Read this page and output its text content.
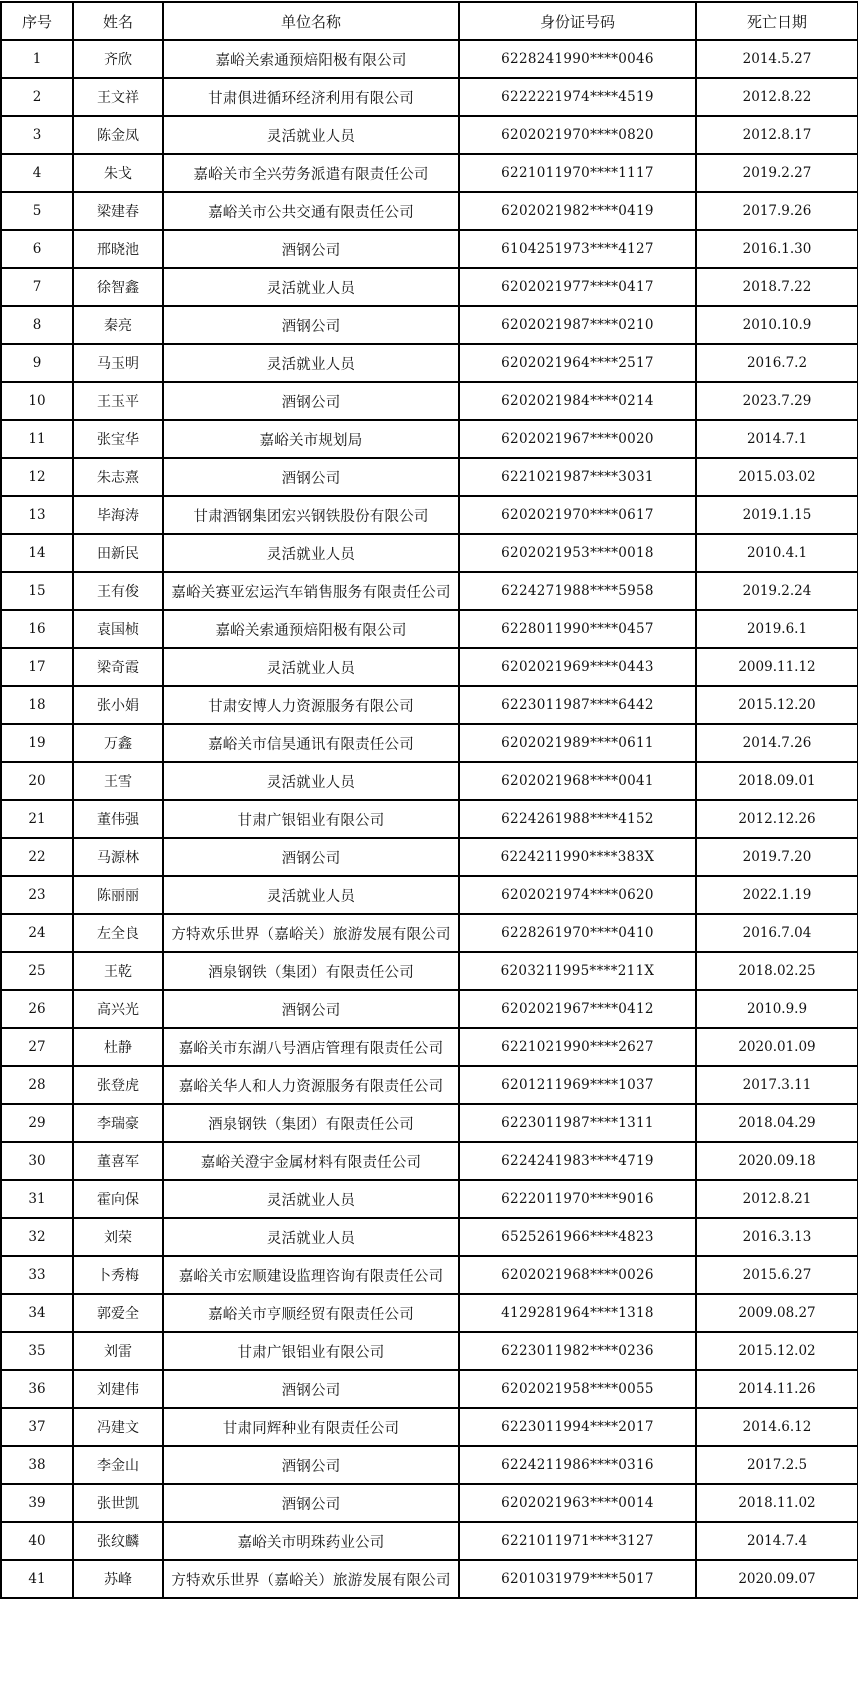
序号	姓名	单位名称	身份证号码	死亡日期
1	齐欣	嘉峪关索通预焙阳极有限公司	6228241990****0046	2014.5.27
2	王文祥	甘肃俱进循环经济利用有限公司	6222221974****4519	2012.8.22
3	陈金凤	灵活就业人员	6202021970****0820	2012.8.17
4	朱戈	嘉峪关市全兴劳务派遣有限责任公司	6221011970****1117	2019.2.27
5	梁建春	嘉峪关市公共交通有限责任公司	6202021982****0419	2017.9.26
6	邢晓池	酒钢公司	6104251973****4127	2016.1.30
7	徐智鑫	灵活就业人员	6202021977****0417	2018.7.22
8	秦亮	酒钢公司	6202021987****0210	2010.10.9
9	马玉明	灵活就业人员	6202021964****2517	2016.7.2
10	王玉平	酒钢公司	6202021984****0214	2023.7.29
11	张宝华	嘉峪关市规划局	6202021967****0020	2014.7.1
12	朱志熹	酒钢公司	6221021987****3031	2015.03.02
13	毕海涛	甘肃酒钢集团宏兴钢铁股份有限公司	6202021970****0617	2019.1.15
14	田新民	灵活就业人员	6202021953****0018	2010.4.1
15	王有俊	嘉峪关赛亚宏运汽车销售服务有限责任公司	6224271988****5958	2019.2.24
16	袁国桢	嘉峪关索通预焙阳极有限公司	6228011990****0457	2019.6.1
17	梁奇霞	灵活就业人员	6202021969****0443	2009.11.12
18	张小娟	甘肃安博人力资源服务有限公司	6223011987****6442	2015.12.20
19	万鑫	嘉峪关市信昊通讯有限责任公司	6202021989****0611	2014.7.26
20	王雪	灵活就业人员	6202021968****0041	2018.09.01
21	董伟强	甘肃广银铝业有限公司	6224261988****4152	2012.12.26
22	马源林	酒钢公司	6224211990****383X	2019.7.20
23	陈丽丽	灵活就业人员	6202021974****0620	2022.1.19
24	左全良	方特欢乐世界（嘉峪关）旅游发展有限公司	6228261970****0410	2016.7.04
25	王乾	酒泉钢铁（集团）有限责任公司	6203211995****211X	2018.02.25
26	高兴光	酒钢公司	6202021967****0412	2010.9.9
27	杜静	嘉峪关市东湖八号酒店管理有限责任公司	6221021990****2627	2020.01.09
28	张登虎	嘉峪关华人和人力资源服务有限责任公司	6201211969****1037	2017.3.11
29	李瑞豪	酒泉钢铁（集团）有限责任公司	6223011987****1311	2018.04.29
30	董喜军	嘉峪关澄宇金属材料有限责任公司	6224241983****4719	2020.09.18
31	霍向保	灵活就业人员	6222011970****9016	2012.8.21
32	刘荣	灵活就业人员	6525261966****4823	2016.3.13
33	卜秀梅	嘉峪关市宏顺建设监理咨询有限责任公司	6202021968****0026	2015.6.27
34	郭爱全	嘉峪关市亨顺经贸有限责任公司	4129281964****1318	2009.08.27
35	刘雷	甘肃广银铝业有限公司	6223011982****0236	2015.12.02
36	刘建伟	酒钢公司	6202021958****0055	2014.11.26
37	冯建文	甘肃同辉种业有限责任公司	6223011994****2017	2014.6.12
38	李金山	酒钢公司	6224211986****0316	2017.2.5
39	张世凯	酒钢公司	6202021963****0014	2018.11.02
40	张纹麟	嘉峪关市明珠药业公司	6221011971****3127	2014.7.4
41	苏峰	方特欢乐世界（嘉峪关）旅游发展有限公司	6201031979****5017	2020.09.07
